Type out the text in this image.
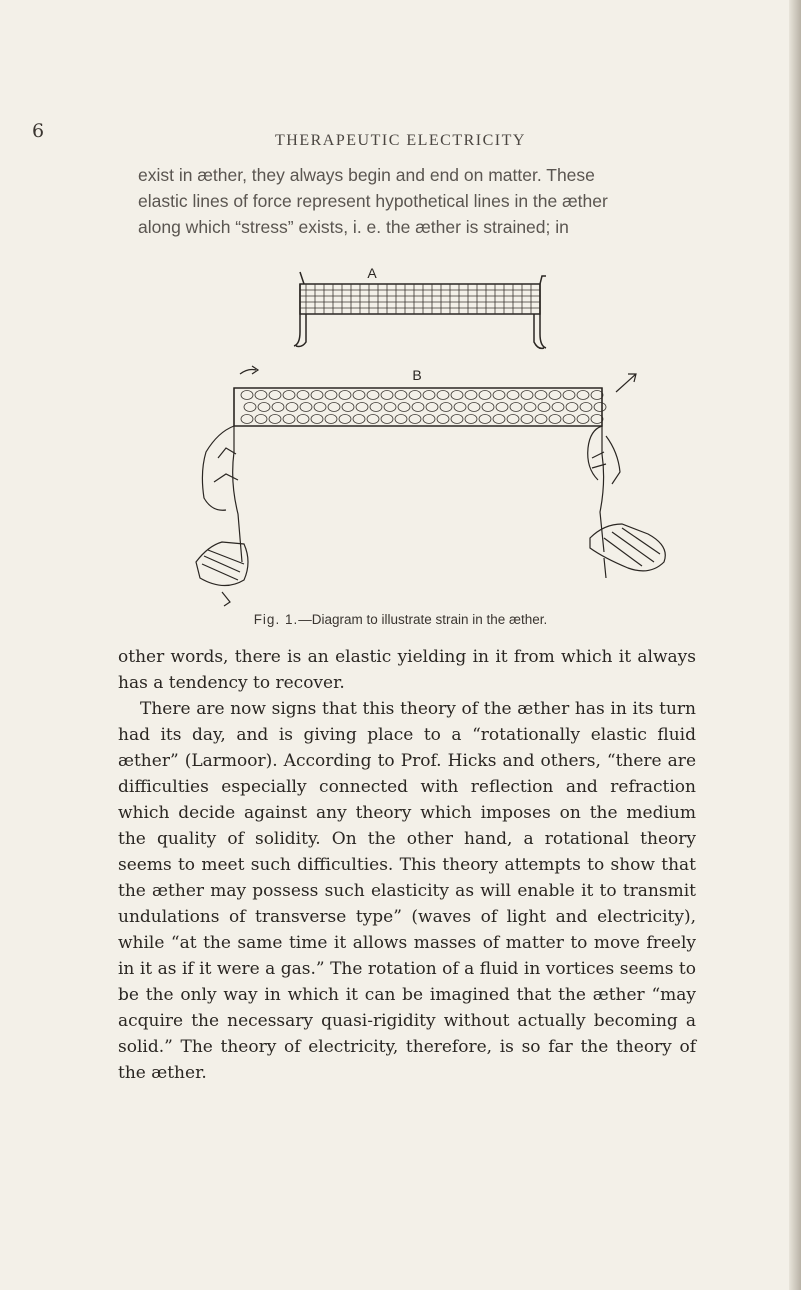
6	THERAPEUTIC ELECTRICITY

exist in æther, they always begin and end on matter. These

elastic lines of force represent hypothetical lines in the æther

along which “stress” exists, i. e. the æther is strained; in

A
B
Fig. 1.—Diagram to illustrate strain in the æther.

other words, there is an elastic yielding in it from which it always has a tendency to recover.

There are now signs that this theory of the æther has in its turn had its day, and is giving place to a “rotationally elastic fluid æther” (Larmoor). According to Prof. Hicks and others, “there are difficulties especially connected with reflection and refraction which decide against any theory which imposes on the medium the quality of solidity. On the other hand, a rotational theory seems to meet such difficulties. This theory attempts to show that the æther may possess such elasticity as will enable it to transmit undulations of transverse type” (waves of light and electricity), while “at the same time it allows masses of matter to move freely in it as if it were a gas.” The rotation of a fluid in vortices seems to be the only way in which it can be imagined that the æther “may acquire the necessary quasi-rigidity without actually becoming a solid.” The theory of electricity, therefore, is so far the theory of the æther.
